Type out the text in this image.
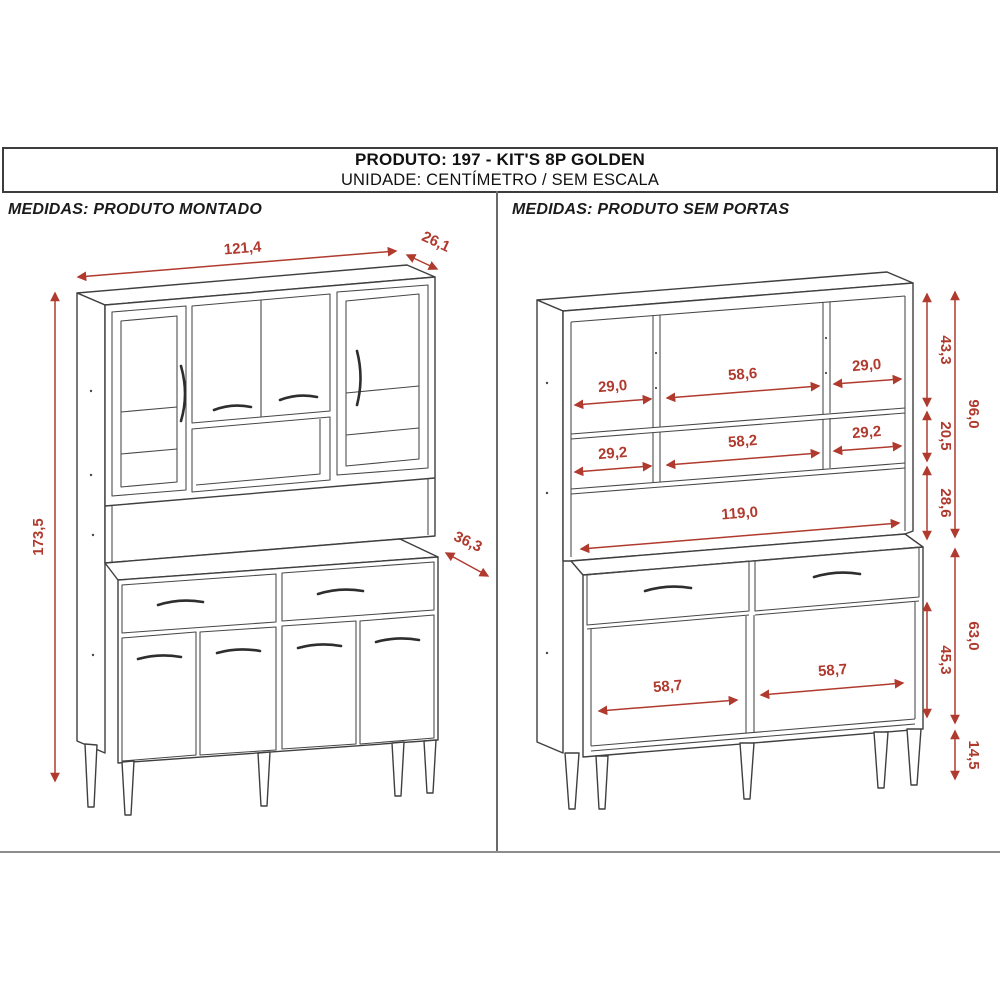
PRODUTO: 197 - KIT'S 8P GOLDEN
UNIDADE: CENTÍMETRO / SEM ESCALA
MEDIDAS: PRODUTO MONTADO	MEDIDAS: PRODUTO SEM PORTAS
121,4	26,1
173,5	36,3
29,0
58,6	29,0
29,2
58,2	29,2
119,0
58,7
58,7
43,3
20,5
28,6
96,0
63,0
45,3
14,5
